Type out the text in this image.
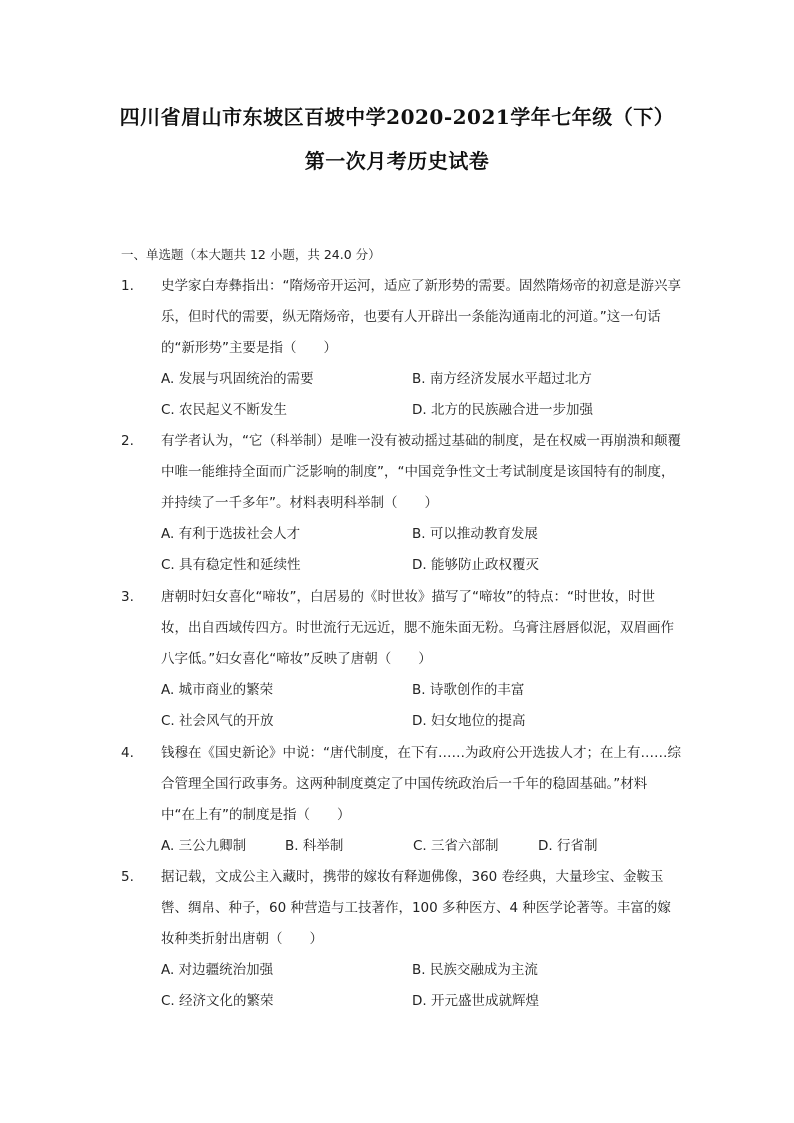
四川省眉山市东坡区百坡中学2020-2021学年七年级（下）
第一次月考历史试卷
一、单选题（本大题共 12 小题，共 24.0 分）
1.	史学家白寿彝指出：“隋炀帝开运河，适应了新形势的需要。固然隋炀帝的初意是游兴享乐，但时代的需要，纵无隋炀帝，也要有人开辟出一条能沟通南北的河道。”这一句话的“新形势”主要是指（　　）
A. 发展与巩固统治的需要	B. 南方经济发展水平超过北方
C. 农民起义不断发生	D. 北方的民族融合进一步加强
2.	有学者认为，“它（科举制）是唯一没有被动摇过基础的制度，是在权威一再崩溃和颠覆中唯一能维持全面而广泛影响的制度”，“中国竞争性文士考试制度是该国特有的制度，并持续了一千多年”。材料表明科举制（　　）
A. 有利于选拔社会人才	B. 可以推动教育发展
C. 具有稳定性和延续性	D. 能够防止政权覆灭
3.	唐朝时妇女喜化“啼妆”，白居易的《时世妆》描写了“啼妆”的特点：“时世妆，时世妆，出自西域传四方。时世流行无远近，腮不施朱面无粉。乌膏注唇唇似泥，双眉画作八字低。”妇女喜化“啼妆”反映了唐朝（　　）
A. 城市商业的繁荣	B. 诗歌创作的丰富
C. 社会风气的开放	D. 妇女地位的提高
4.	钱穆在《国史新论》中说：“唐代制度，在下有……为政府公开选拔人才；在上有……综合管理全国行政事务。这两种制度奠定了中国传统政治后一千年的稳固基础。”材料中“在上有”的制度是指（　　）
A. 三公九卿制	B. 科举制	C. 三省六部制	D. 行省制
5.	据记载，文成公主入藏时，携带的嫁妆有释迦佛像，360 卷经典，大量珍宝、金鞍玉辔、绸帛、种子，60 种营造与工技著作，100 多种医方、4 种医学论著等。丰富的嫁妆种类折射出唐朝（　　）
A. 对边疆统治加强	B. 民族交融成为主流
C. 经济文化的繁荣	D. 开元盛世成就辉煌
